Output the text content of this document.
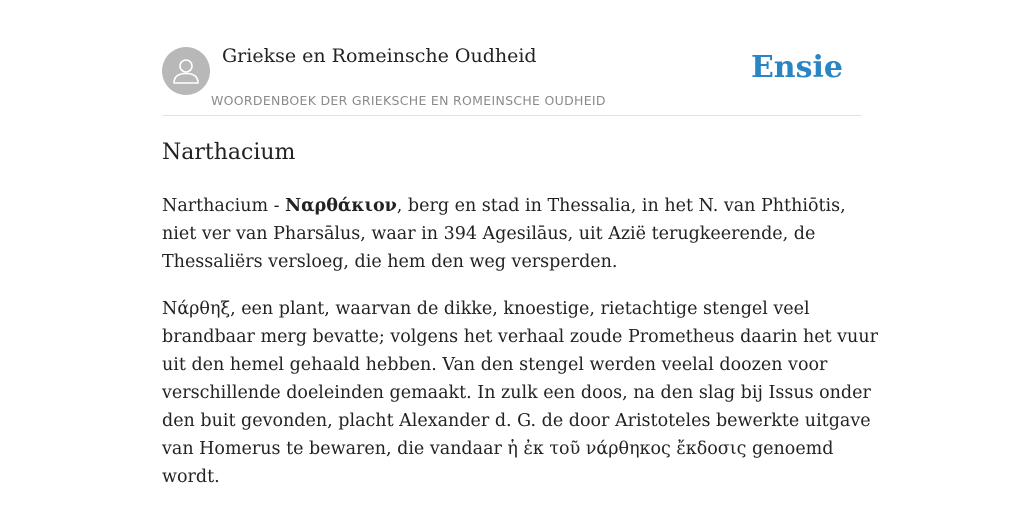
Griekse en Romeinsche Oudheid
WOORDENBOEK DER GRIEKSCHE EN ROMEINSCHE OUDHEID
Ensie
Narthacium

Narthacium - Ναρθάκιον, berg en stad in Thessalia, in het N. van Phthiōtis,
niet ver van Pharsālus, waar in 394 Agesilāus, uit Azië terugkeerende, de
Thessaliërs versloeg, die hem den weg versperden.

Νάρθηξ, een plant, waarvan de dikke, knoestige, rietachtige stengel veel
brandbaar merg bevatte; volgens het verhaal zoude Prometheus daarin het vuur
uit den hemel gehaald hebben. Van den stengel werden veelal doozen voor
verschillende doeleinden gemaakt. In zulk een doos, na den slag bij Issus onder
den buit gevonden, placht Alexander d. G. de door Aristoteles bewerkte uitgave
van Homerus te bewaren, die vandaar ἡ ἐκ τοῦ νάρθηκος ἔκδοσις genoemd
wordt.
